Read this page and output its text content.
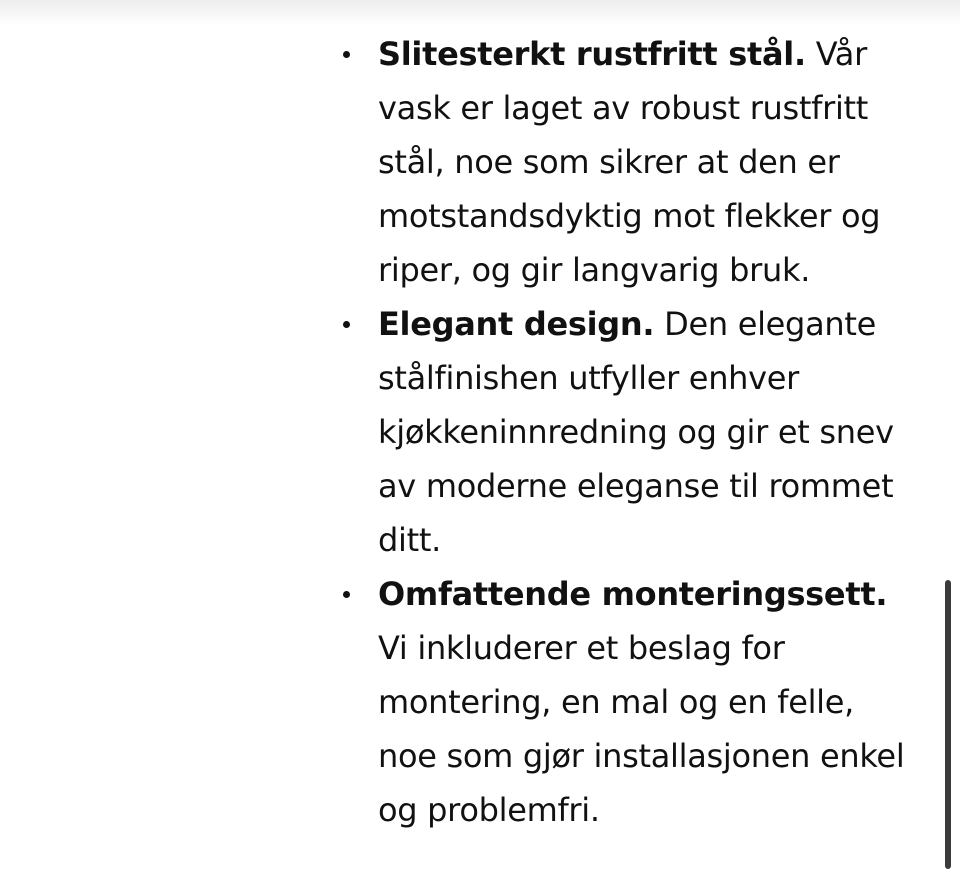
Slitesterkt rustfritt stål. Vår vask er laget av robust rustfritt stål, noe som sikrer at den er motstandsdyktig mot flekker og riper, og gir langvarig bruk.
Elegant design. Den elegante stålfinishen utfyller enhver kjøkkeninnredning og gir et snev av moderne eleganse til rommet ditt.
Omfattende monteringssett. Vi inkluderer et beslag for montering, en mal og en felle, noe som gjør installasjonen enkel og problemfri.
